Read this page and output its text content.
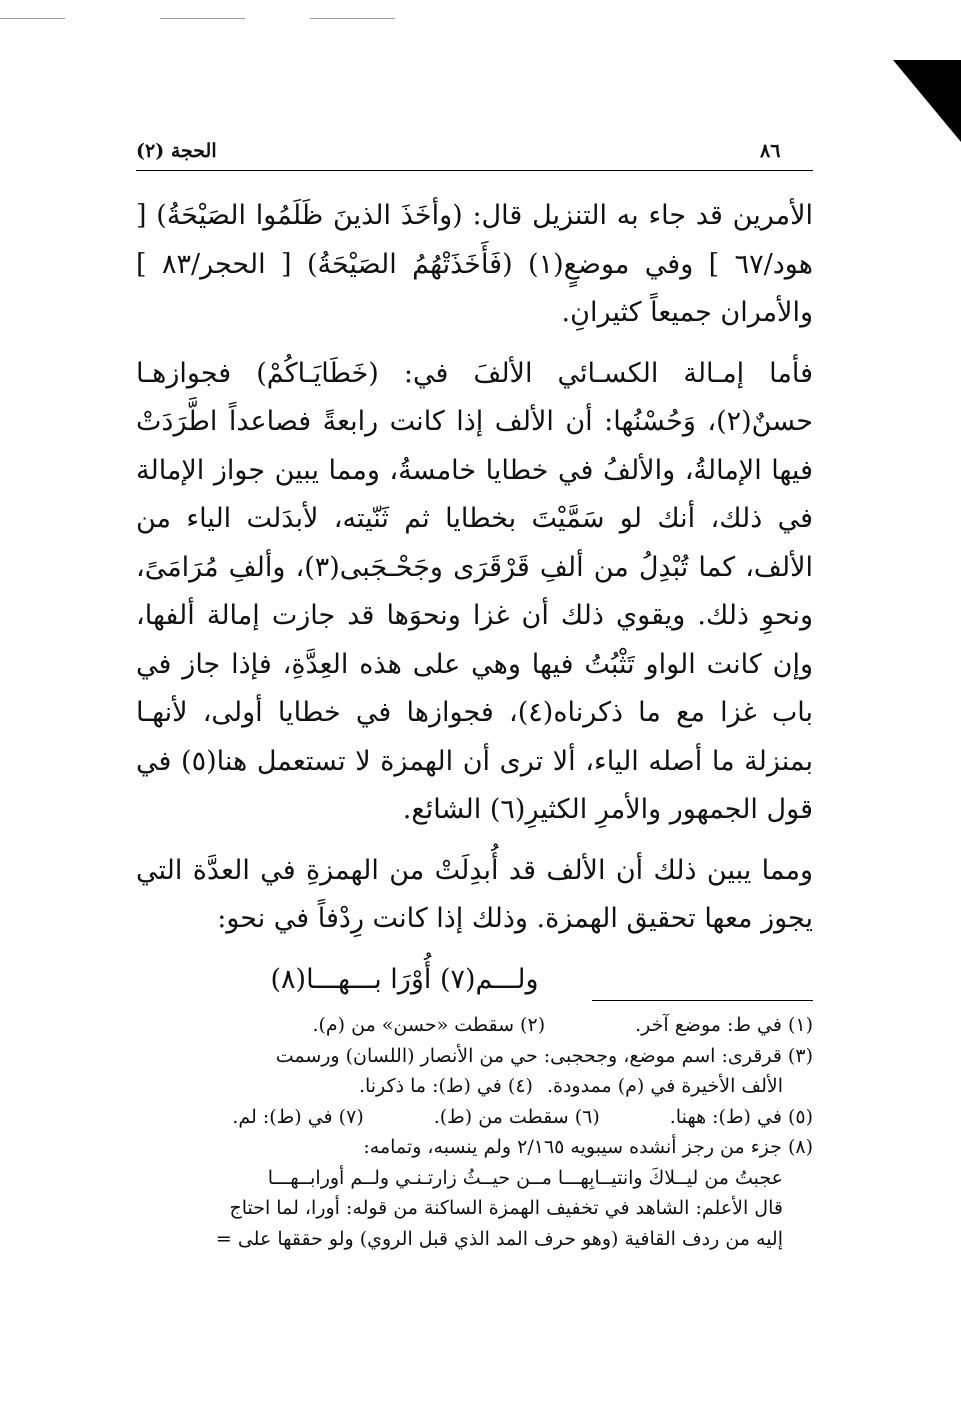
٨٦
الحجة (٢)

الأمرين قد جاء به التنزيل قال: (وأخَذَ الذينَ ظَلَمُوا الصَيْحَةُ) [ هود/٦٧ ] وفي موضعٍ(١) (فَأَخَذَتْهُمُ الصَيْحَةُ) [ الحجر/٨٣ ] والأمران جميعاً كثيرانِ.

فأما إمـالة الكسـائي الألفَ في: (خَطَايَـاكُمْ) فجوازهـا حسنٌ(٢)، وَحُسْنُها: أن الألف إذا كانت رابعةً فصاعداً اطَّرَدَتْ فيها الإمالةُ، والألفُ في خطايا خامسةُ، ومما يبين جواز الإمالة في ذلك، أنك لو سَمَّيْتَ بخطايا ثم ثَنّيته، لأبدَلت الياء من الألف، كما تُبْدِلُ من ألفِ قَرْقَرَى وجَحْـجَبى(٣)، وألفِ مُرَامَىً، ونحوِ ذلك. ويقوي ذلك أن غزا ونحوَها قد جازت إمالة ألفها، وإن كانت الواو تَثْبُتُ فيها وهي على هذه العِدَّةِ، فإذا جاز في باب غزا مع ما ذكرناه(٤)، فجوازها في خطايا أولى، لأنهـا بمنزلة ما أصله الياء، ألا ترى أن الهمزة لا تستعمل هنا(٥) في قول الجمهور والأمرِ الكثيرِ(٦) الشائع.

ومما يبين ذلك أن الألف قد أُبدِلَتْ من الهمزةِ في العدَّة التي يجوز معها تحقيق الهمزة. وذلك إذا كانت رِدْفاً في نحو:

ولـــم(٧) أُوْرَا بـــهـــا(٨)

(١) في ط: موضع آخر.
(٢) سقطت «حسن» من (م).

(٣) قرقرى: اسم موضع، وجحجبى: حي من الأنصار (اللسان) ورسمت

الألف الأخيرة في (م) ممدودة.
(٤) في (ط): ما ذكرنا.
(٥) في (ط): ههنا.
(٦) سقطت من (ط).
(٧) في (ط): لم.

(٨) جزء من رجز أنشده سيبويه ٢/١٦٥ ولم ينسبه، وتمامه:

عجبتُ من ليــلاكَ وانتيــابِهـــا مــن حيــثُ زارتـنـي ولــم أورابــهـــا

قال الأعلم: الشاهد في تخفيف الهمزة الساكنة من قوله: أورا، لما احتاج

إليه من ردف القافية (وهو حرف المد الذي قبل الروي) ولو حققها على =
